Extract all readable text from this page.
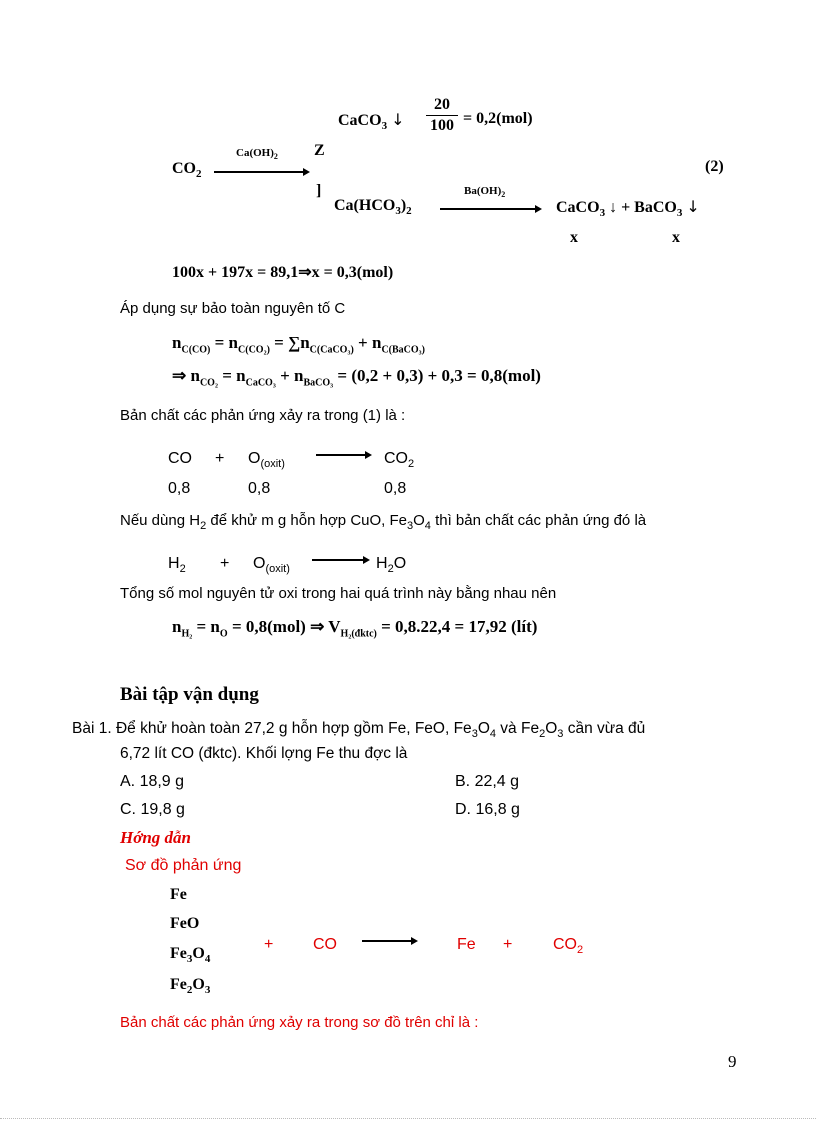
CaCO$_3$ ↓
20
100 = 0,2(mol)
$CO_2$
$Ca(OH)_2$ Z
]
(2)
$Ca(HCO_3)_2$
$Ba(OH)_2$
CaCO$_3$ ↓ + BaCO$_3$ ↓
x	x
100x + 197x = 89,1⇒x = 0,3(mol)
Áp dụng sự bảo toàn nguyên tố C
$n_{C(CO)} = n_{C(CO_2)} = \sum n_{C(CaCO_3)} + n_{C(BaCO_3)}$
⇒ $n_{CO_2} = n_{CaCO_3} + n_{BaCO_3} = (0,2 + 0,3) + 0,3 = 0,8(mol)$
Bản chất các phản ứng xảy ra trong (1) là :
CO + $O_{(oxit)}$	$CO_2$
0,8	0,8	0,8
Nếu dùng $H_2$ để khử m g hỗn hợp CuO, $Fe_3O_4$ thì bản chất các phản ứng đó là
$H_2 + O_{(oxit)}$	$H_2O$
Tổng số mol nguyên tử oxi trong hai quá trình này bằng nhau nên
$n_{H_2} = n_O = 0,8(mol)$ ⇒ $V_{H_2(đktc)} = 0,8.22,4 = 17,92$ (lít)
Bài tập vận dụng
Bài 1. Để khử hoàn toàn 27,2 g hỗn hợp gồm Fe, FeO, $Fe_3O_4$ và $Fe_2O_3$ cần vừa đủ
6,72 lít CO (đktc). Khối lợng Fe thu đợc là
A. 18,9 g	B. 22,4 g
C. 19,8 g	D. 16,8 g
Hớng dẫn
Sơ đồ phản ứng
Fe
FeO
$Fe_3O_4$
$Fe_2O_3$
+ CO	Fe +	$CO_2$
Bản chất các phản ứng xảy ra trong sơ đồ trên chỉ là :
9
